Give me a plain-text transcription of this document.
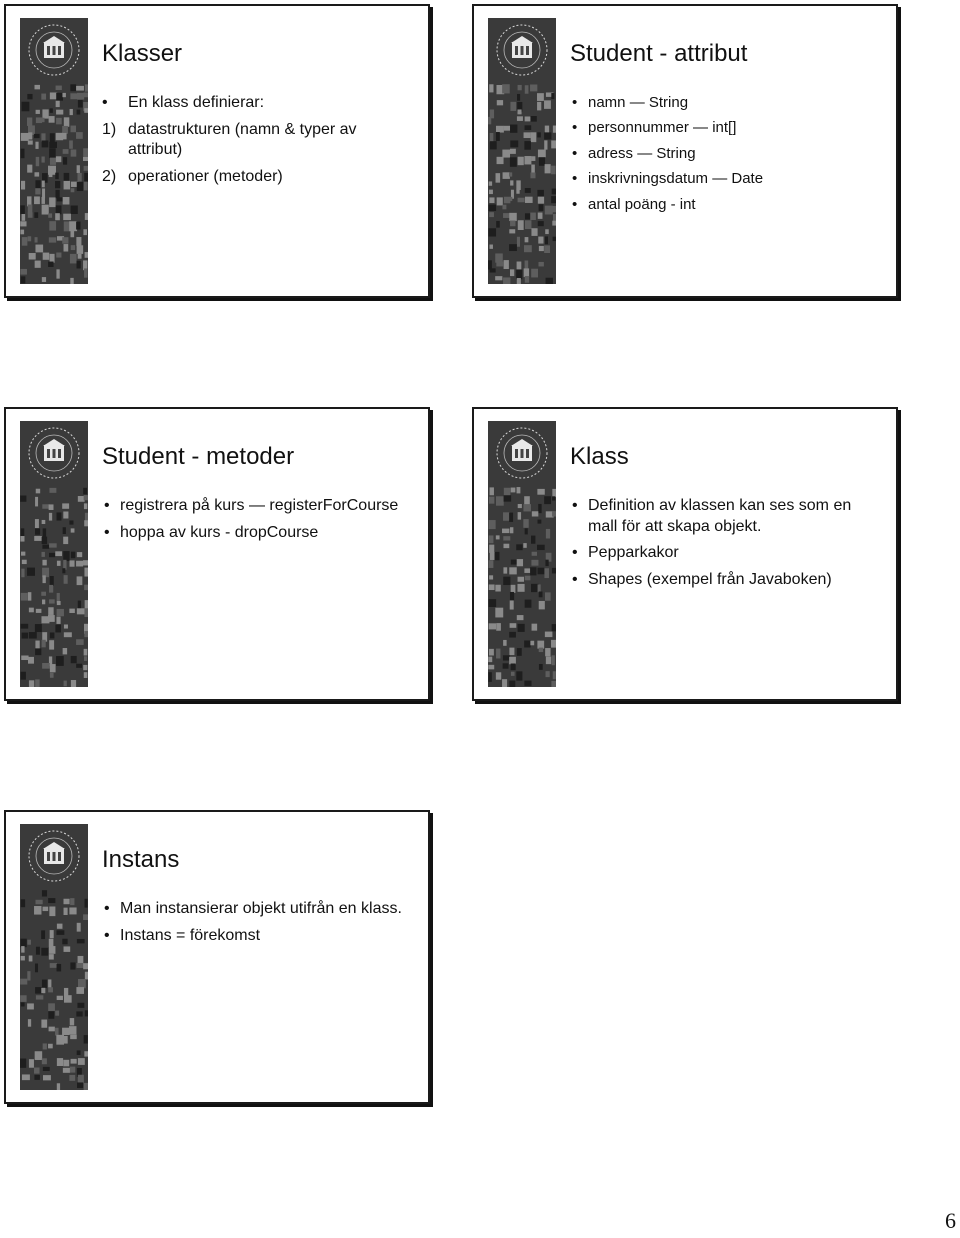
Klasser
• En klass definierar:
1) datastrukturen (namn & typer av attribut)
2) operationer (metoder)
Student - attribut
• namn — String
• personnummer — int[]
• adress — String
• inskrivningsdatum — Date
• antal poäng - int
Student - metoder
• registrera på kurs — registerForCourse
• hoppa av kurs - dropCourse
Klass
• Definition av klassen kan ses som en mall för att skapa objekt.
• Pepparkakor
• Shapes (exempel från Javaboken)
Instans
• Man instansierar objekt utifrån en klass.
• Instans = förekomst
6
